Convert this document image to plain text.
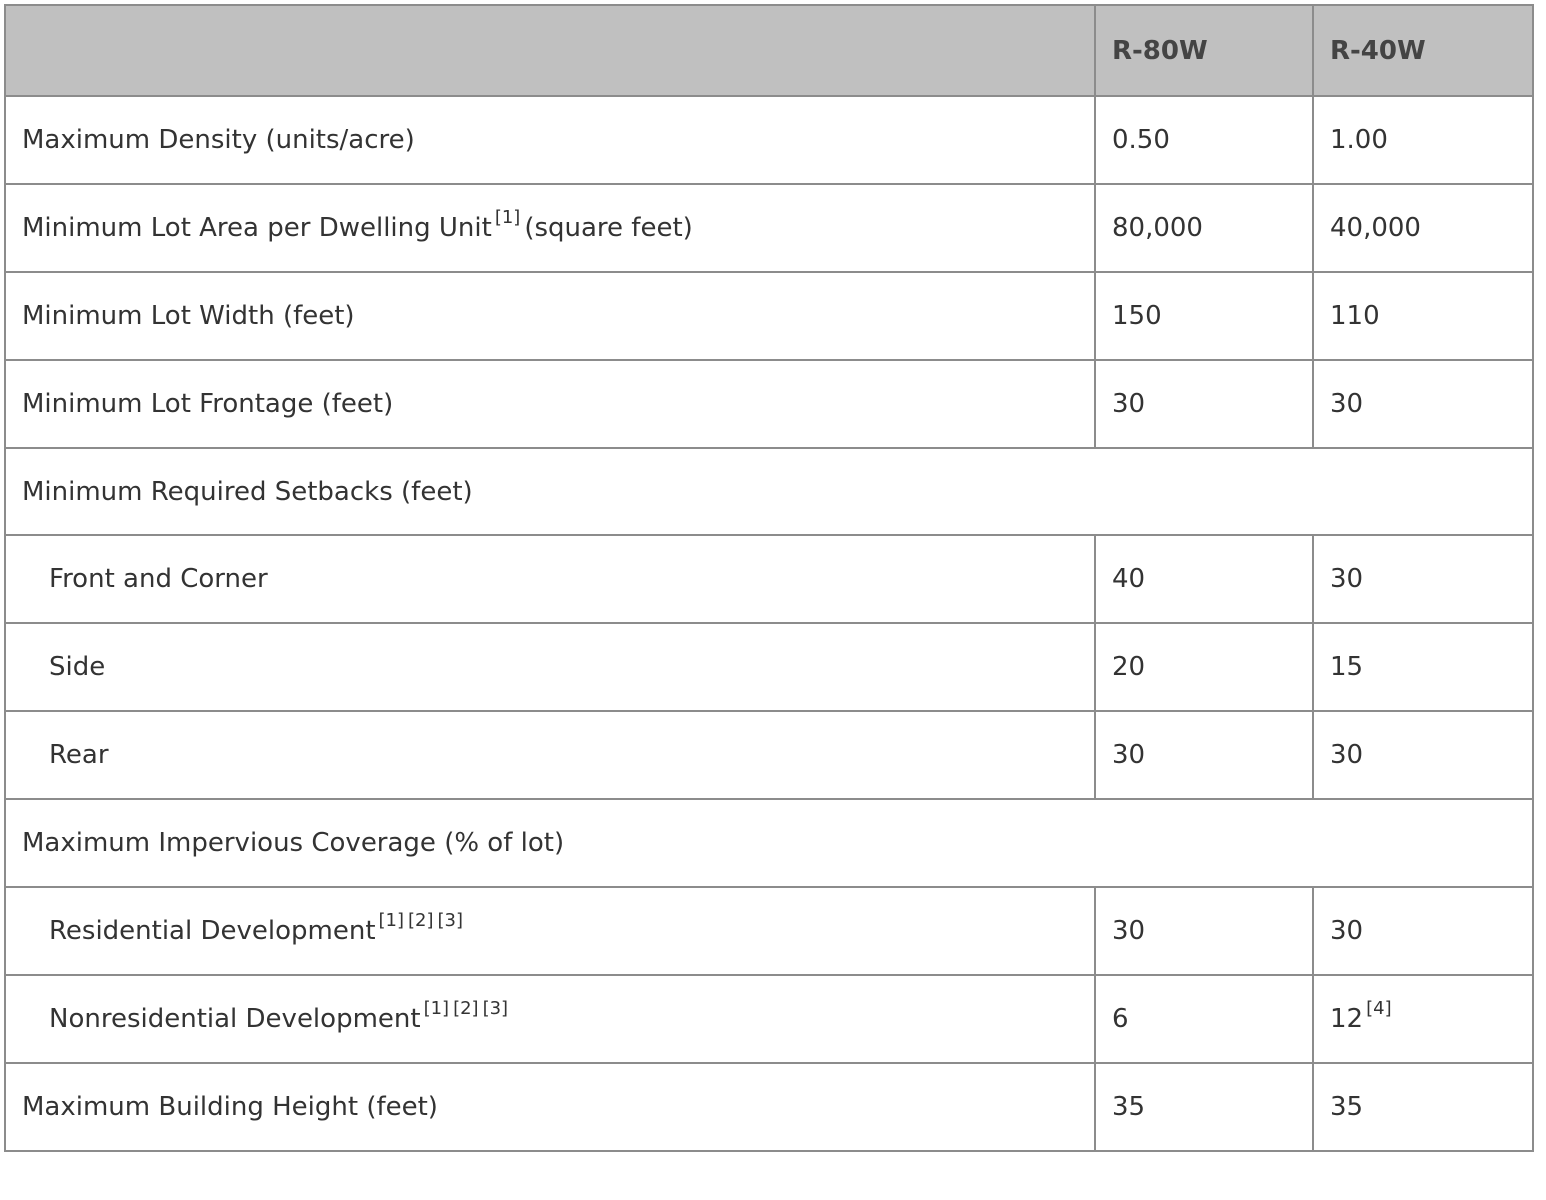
	R-80W	R-40W
Maximum Density (units/acre)	0.50	1.00
Minimum Lot Area per Dwelling Unit [1] (square feet)	80,000	40,000
Minimum Lot Width (feet)	150	110
Minimum Lot Frontage (feet)	30	30
Minimum Required Setbacks (feet)		
Front and Corner	40	30
Side	20	15
Rear	30	30
Maximum Impervious Coverage (% of lot)		
Residential Development [1] [2] [3]	30	30
Nonresidential Development [1] [2] [3]	6	12 [4]
Maximum Building Height (feet)	35	35
